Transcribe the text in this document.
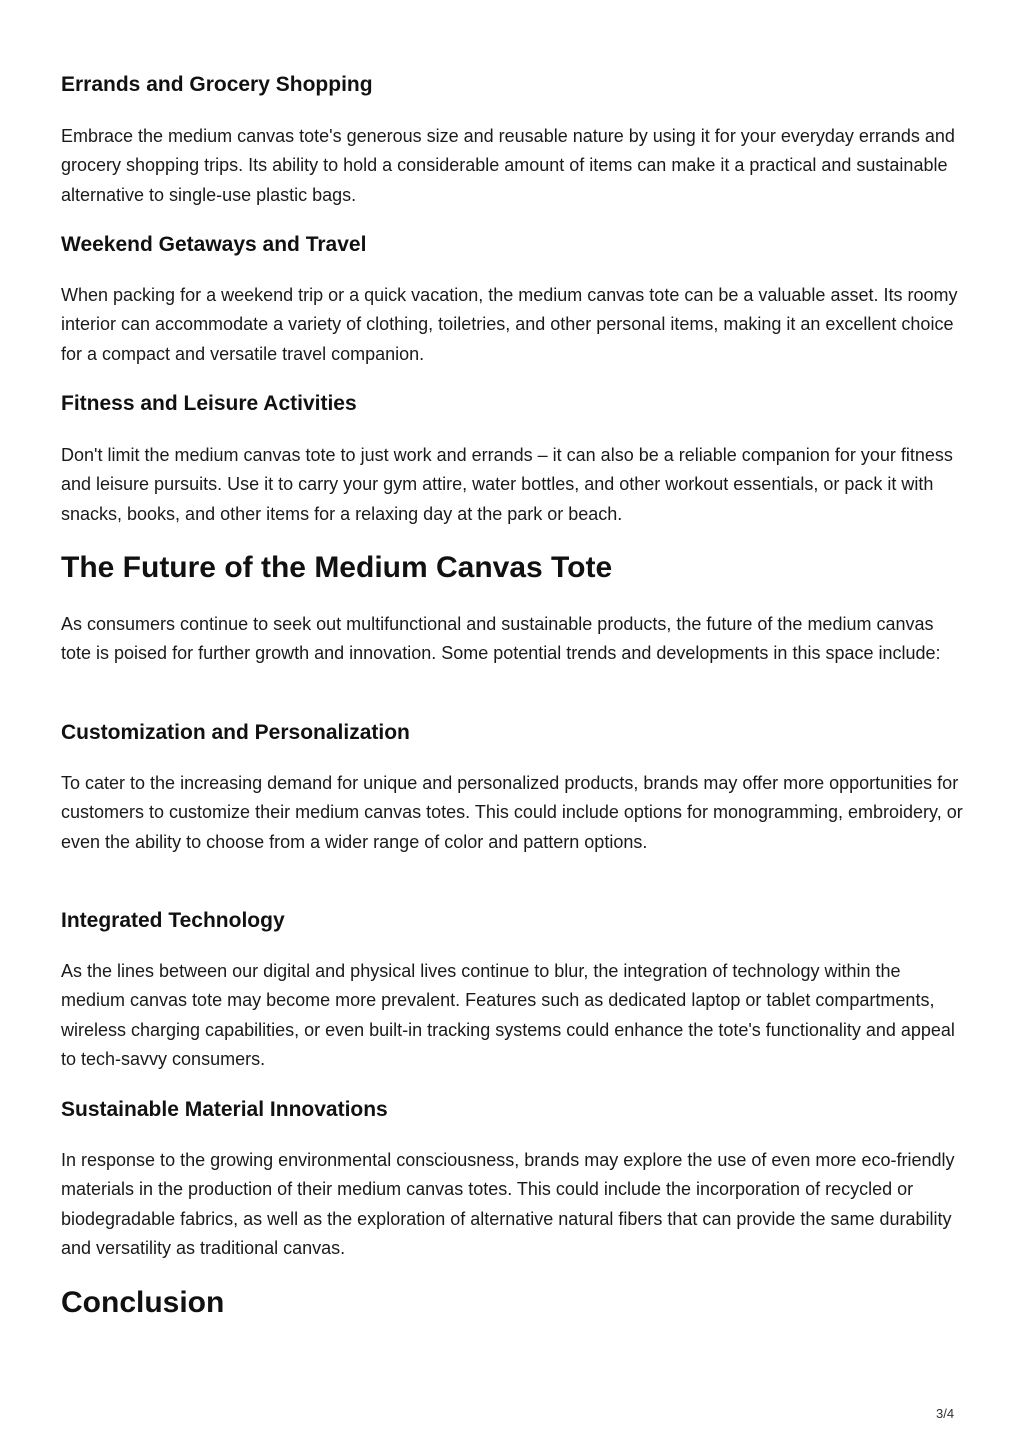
Errands and Grocery Shopping

Embrace the medium canvas tote's generous size and reusable nature by using it for your everyday errands and grocery shopping trips. Its ability to hold a considerable amount of items can make it a practical and sustainable alternative to single-use plastic bags.

Weekend Getaways and Travel

When packing for a weekend trip or a quick vacation, the medium canvas tote can be a valuable asset. Its roomy interior can accommodate a variety of clothing, toiletries, and other personal items, making it an excellent choice for a compact and versatile travel companion.

Fitness and Leisure Activities

Don't limit the medium canvas tote to just work and errands – it can also be a reliable companion for your fitness and leisure pursuits. Use it to carry your gym attire, water bottles, and other workout essentials, or pack it with snacks, books, and other items for a relaxing day at the park or beach.

The Future of the Medium Canvas Tote

As consumers continue to seek out multifunctional and sustainable products, the future of the medium canvas tote is poised for further growth and innovation. Some potential trends and developments in this space include:

Customization and Personalization

To cater to the increasing demand for unique and personalized products, brands may offer more opportunities for customers to customize their medium canvas totes. This could include options for monogramming, embroidery, or even the ability to choose from a wider range of color and pattern options.

Integrated Technology

As the lines between our digital and physical lives continue to blur, the integration of technology within the medium canvas tote may become more prevalent. Features such as dedicated laptop or tablet compartments, wireless charging capabilities, or even built-in tracking systems could enhance the tote's functionality and appeal to tech-savvy consumers.

Sustainable Material Innovations

In response to the growing environmental consciousness, brands may explore the use of even more eco-friendly materials in the production of their medium canvas totes. This could include the incorporation of recycled or biodegradable fabrics, as well as the exploration of alternative natural fibers that can provide the same durability and versatility as traditional canvas.

Conclusion
3/4
